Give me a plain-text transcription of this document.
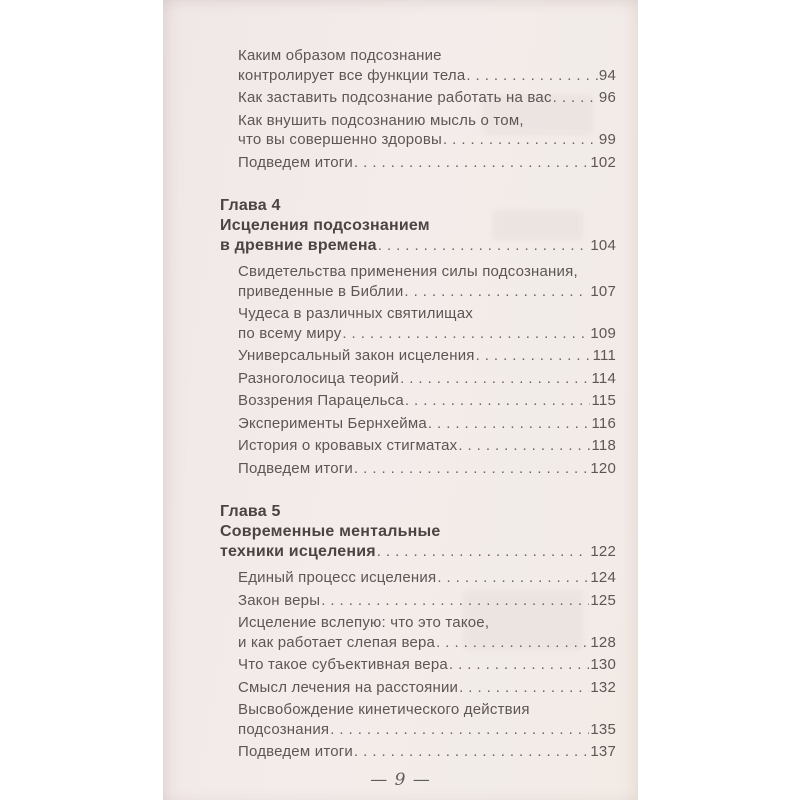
Каким образом подсознание
контролирует все функции тела .....	94
Как заставить подсознание работать на вас .....	96
Как внушить подсознанию мысль о том,
что вы совершенно здоровы .....	99
Подведем итоги .....	102
Глава 4
Исцеления подсознанием
в древние времена .....	104
Свидетельства применения силы подсознания,
приведенные в Библии .....	107
Чудеса в различных святилищах
по всему миру .....	109
Универсальный закон исцеления .....	111
Разноголосица теорий .....	114
Воззрения Парацельса .....	115
Эксперименты Бернхейма .....	116
История о кровавых стигматах .....	118
Подведем итоги .....	120
Глава 5
Современные ментальные
техники исцеления .....	122
Единый процесс исцеления .....	124
Закон веры .....	125
Исцеление вслепую: что это такое,
и как работает слепая вера .....	128
Что такое субъективная вера .....	130
Смысл лечения на расстоянии .....	132
Высвобождение кинетического действия
подсознания .....	135
Подведем итоги .....	137
— 9 —
